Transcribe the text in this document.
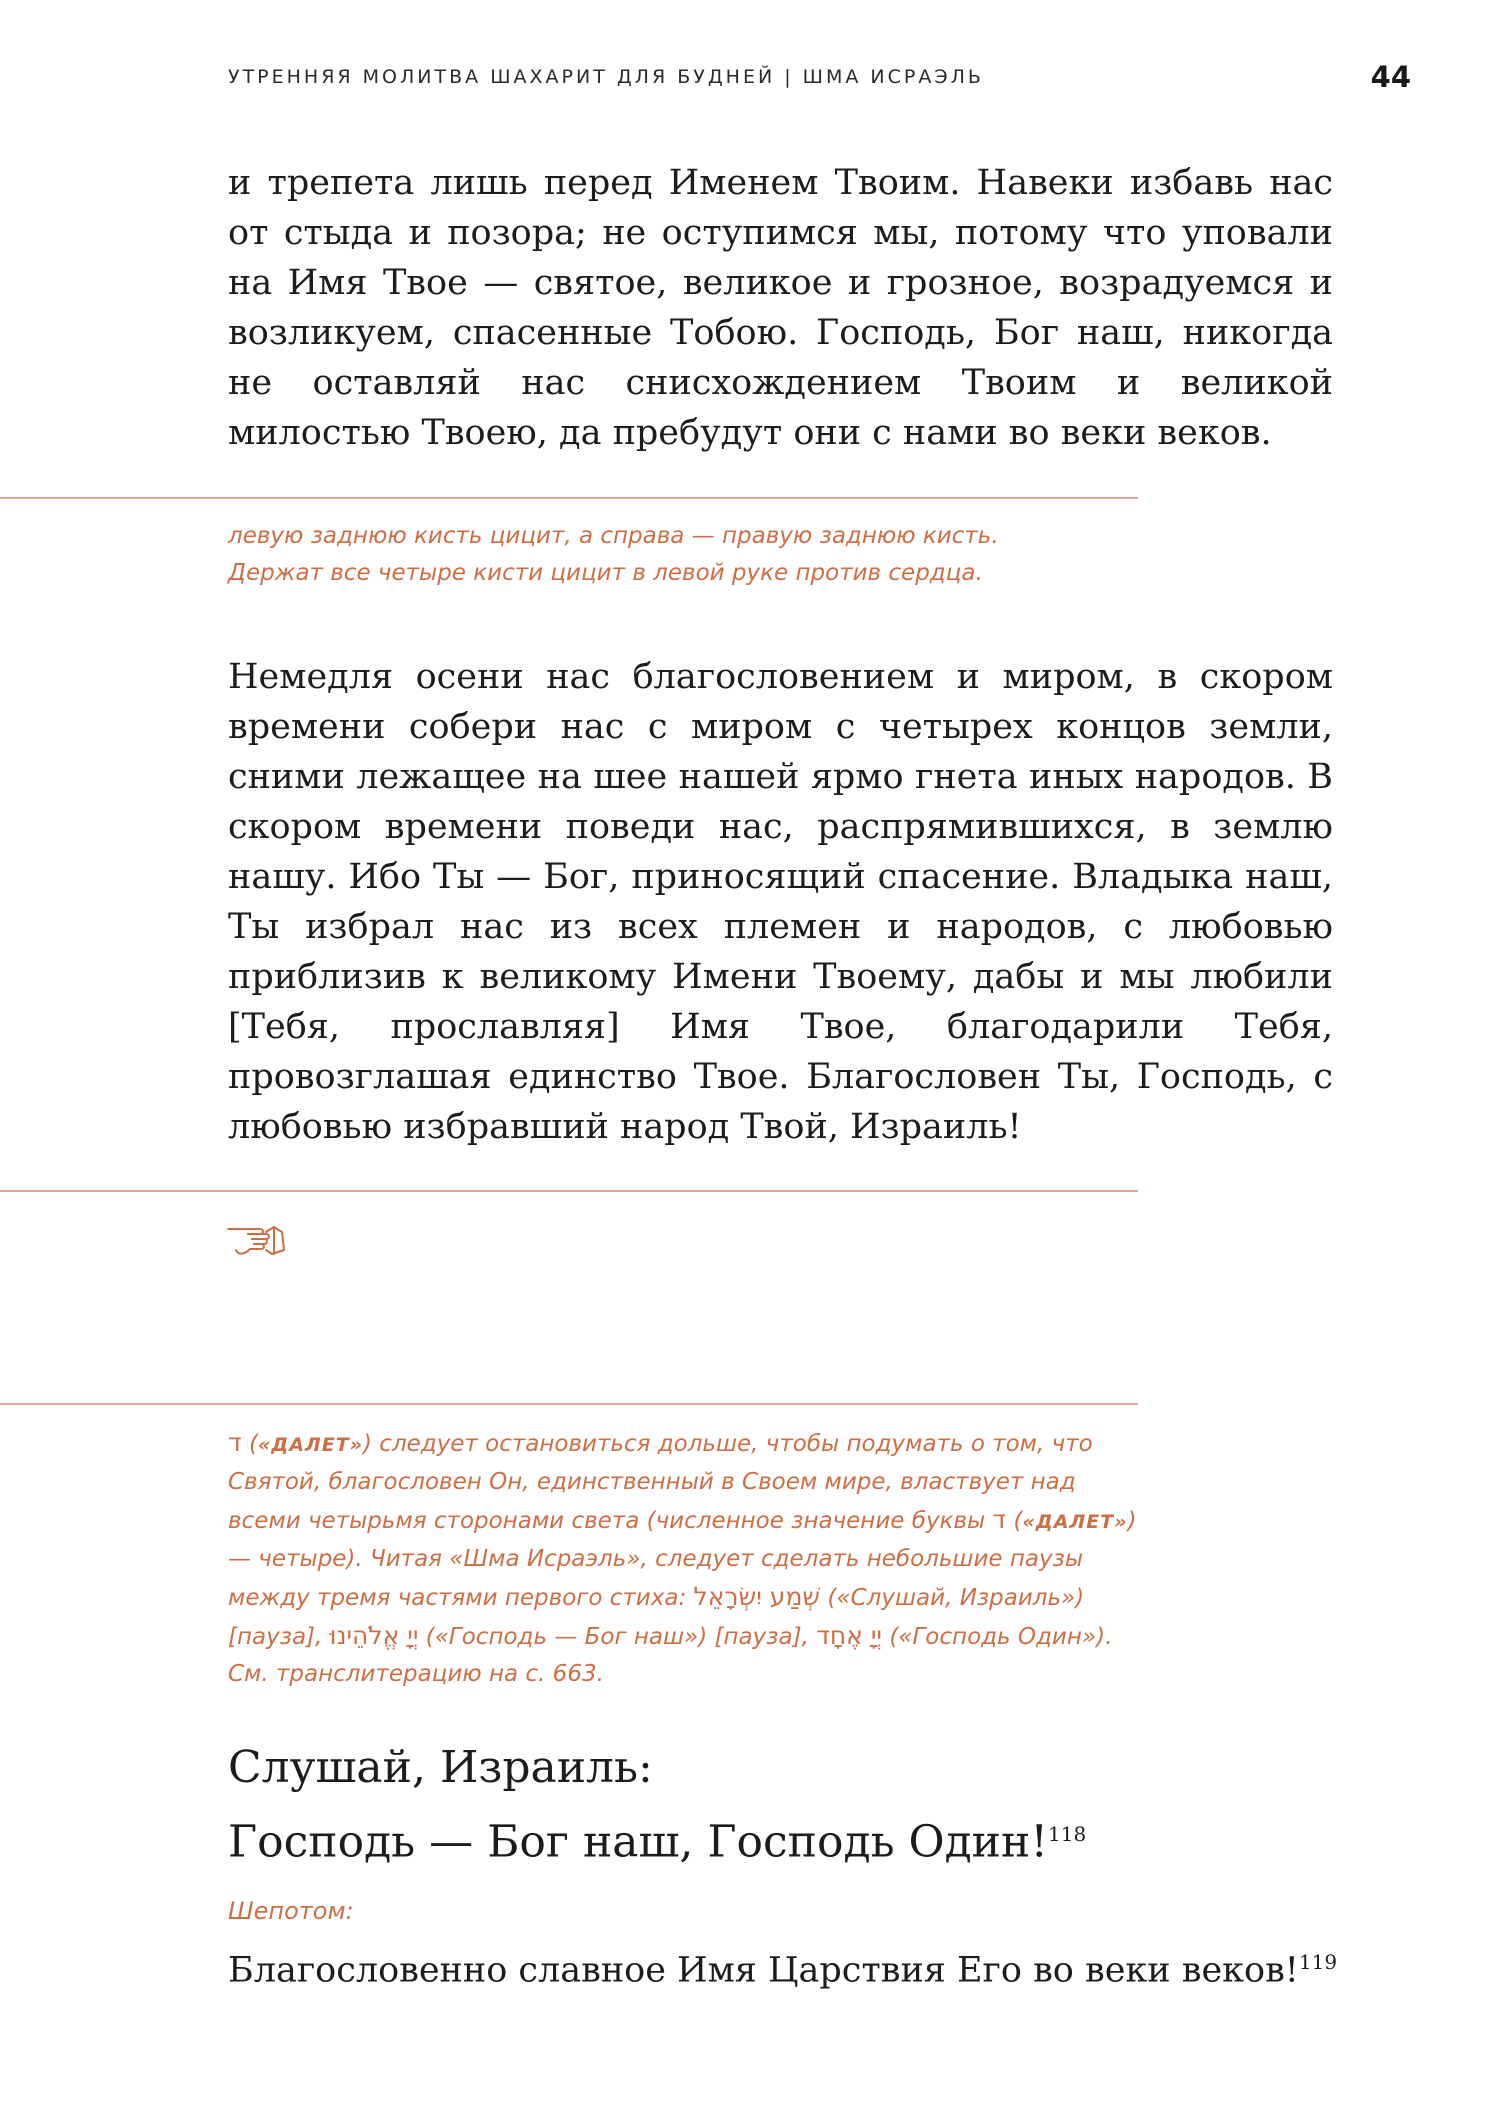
УТРЕННЯЯ МОЛИТВА ШАХАРИТ ДЛЯ БУДНЕЙ | ШМА ИСРАЭЛЬ	44

и трепета лишь перед Именем Твоим. Навеки избавь нас от стыда и позора; не оступимся мы, потому что уповали на Имя Твое — святое, великое и грозное, возрадуемся и возликуем, спасенные Тобою. Господь, Бог наш, никогда не оставляй нас снисхождением Твоим и великой милостью Твоею, да пребудут они с нами во веки веков.

левую заднюю кисть цицит, а справа — правую заднюю кисть.
Держат все четыре кисти цицит в левой руке против сердца.

Немедля осени нас благословением и миром, в скором времени собери нас с миром с четырех концов земли, сними лежащее на шее нашей ярмо гнета иных народов. В скором времени поведи нас, распрямившихся, в землю нашу. Ибо Ты — Бог, приносящий спасение. Владыка наш, Ты избрал нас из всех племен и народов, с любовью приблизив к великому Имени Твоему, дабы и мы любили [Тебя, прославляя] Имя Твое, благодарили Тебя, провозглашая единство Твое. Благословен Ты, Господь, с любовью избравший народ Твой, Израиль!

ד («ДАЛЕТ») следует остановиться дольше, чтобы подумать о том, что Святой, благословен Он, единственный в Своем мире, властвует над всеми четырьмя сторонами света (численное значение буквы ד («ДАЛЕТ») — четыре). Читая «Шма Исраэль», следует сделать небольшие паузы между тремя частями первого стиха: שְׁמַע יִשְׂרָאֵל («Слушай, Израиль») [пауза], יְיָ אֱלֹהֵינוּ («Господь — Бог наш») [пауза], יְיָ אֶחָד («Господь Один»). См. транслитерацию на с. 663.
Слушай, Израиль:
Господь — Бог наш, Господь Один!$^{118}$
Шепотом:

Благословенно славное Имя Царствия Его во веки веков!$^{119}$
